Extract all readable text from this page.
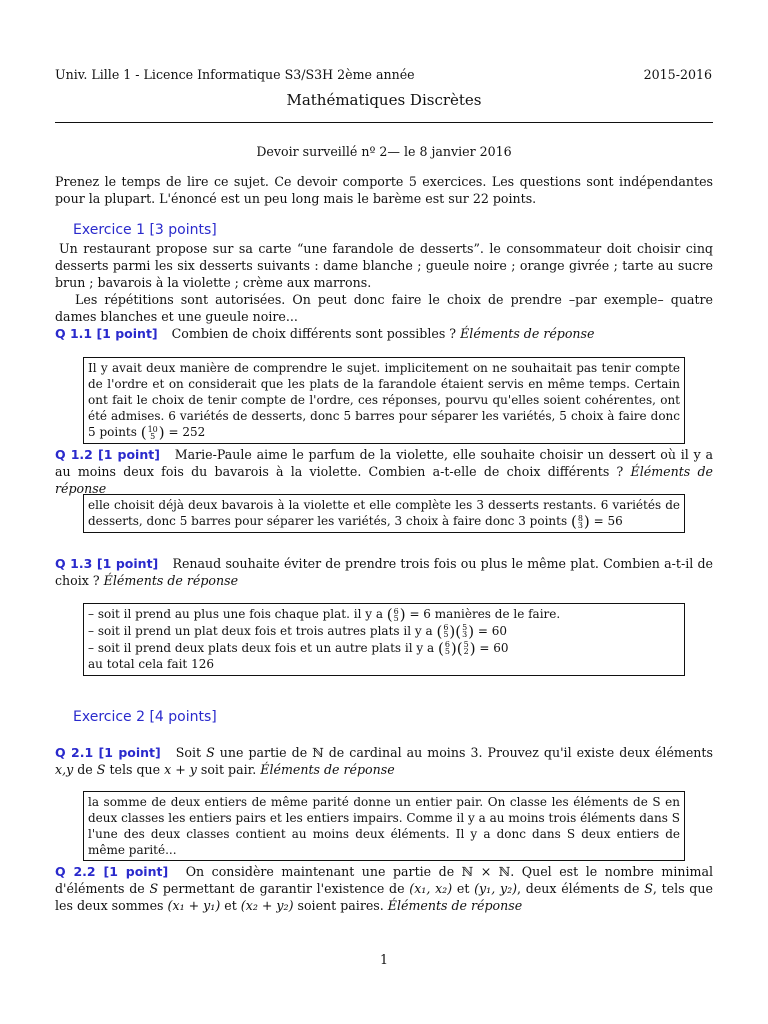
Univ. Lille 1 - Licence Informatique S3/S3H 2ème année	2015-2016
Mathématiques Discrètes
Devoir surveillé nº 2— le 8 janvier 2016
Prenez le temps de lire ce sujet. Ce devoir comporte 5 exercices. Les questions sont indépendantes pour la plupart. L'énoncé est un peu long mais le barème est sur 22 points.
Exercice 1 [3 points]
Un restaurant propose sur sa carte “une farandole de desserts”. le consommateur doit choisir cinq desserts parmi les six desserts suivants : dame blanche ; gueule noire ; orange givrée ; tarte au sucre brun ; bavarois à la violette ; crème aux marrons.
Les répétitions sont autorisées. On peut donc faire le choix de prendre –par exemple– quatre dames blanches et une gueule noire...
Q 1.1 [1 point] Combien de choix différents sont possibles ? Éléments de réponse
Il y avait deux manière de comprendre le sujet. implicitement on ne souhaitait pas tenir compte de l'ordre et on considerait que les plats de la farandole étaient servis en même temps. Certain ont fait le choix de tenir compte de l'ordre, ces réponses, pourvu qu'elles soient cohérentes, ont été admises. 6 variétés de desserts, donc 5 barres pour séparer les variétés, 5 choix à faire donc 5 points ( 10
5 ) = 252
Q 1.2 [1 point] Marie-Paule aime le parfum de la violette, elle souhaite choisir un dessert où il y a au moins deux fois du bavarois à la violette. Combien a-t-elle de choix différents ? Éléments de réponse
elle choisit déjà deux bavarois à la violette et elle complète les 3 desserts restants. 6 variétés de desserts, donc 5 barres pour séparer les variétés, 3 choix à faire donc 3 points ( 8
3 ) = 56
Q 1.3 [1 point] Renaud souhaite éviter de prendre trois fois ou plus le même plat. Combien a-t-il de choix ? Éléments de réponse
– soit il prend au plus une fois chaque plat. il y a ( 6
5 ) = 6 manières de le faire.
– soit il prend un plat deux fois et trois autres plats il y a ( 6
5 )( 5
3 ) = 60
– soit il prend deux plats deux fois et un autre plats il y a ( 6
5 )( 5
2 ) = 60
au total cela fait 126
Exercice 2 [4 points]
Q 2.1 [1 point] Soit S une partie de ℕ de cardinal au moins 3. Prouvez qu'il existe deux éléments x,y de S tels que x + y soit pair. Éléments de réponse
la somme de deux entiers de même parité donne un entier pair. On classe les éléments de S en deux classes les entiers pairs et les entiers impairs. Comme il y a au moins trois éléments dans S l'une des deux classes contient au moins deux éléments. Il y a donc dans S deux entiers de même parité...
Q 2.2 [1 point] On considère maintenant une partie de ℕ × ℕ. Quel est le nombre minimal d'éléments de S permettant de garantir l'existence de (x₁, x₂) et (y₁, y₂), deux éléments de S, tels que les deux sommes (x₁ + y₁) et (x₂ + y₂) soient paires. Éléments de réponse
1
